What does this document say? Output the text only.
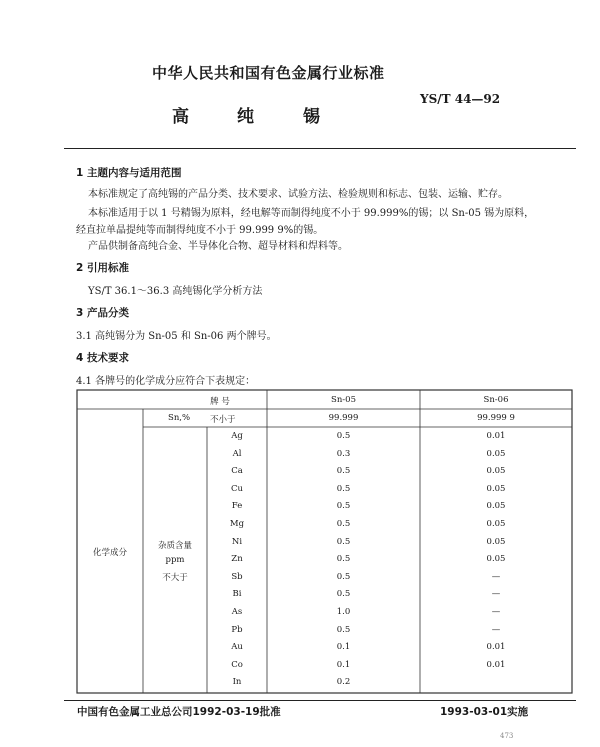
中华人民共和国有色金属行业标准
YS/T 44—92
高	纯	锡
1 主题内容与适用范围
本标准规定了高纯锡的产品分类、技术要求、试验方法、检验规则和标志、包装、运输、贮存。
本标准适用于以 1 号精锡为原料，经电解等而制得纯度不小于 99.999%的锡；以 Sn-05 锡为原料，
经直拉单晶提纯等而制得纯度不小于 99.999 9%的锡。
产品供制备高纯合金、半导体化合物、超导材料和焊料等。
2 引用标准
YS/T 36.1～36.3 高纯锡化学分析方法
3 产品分类
3.1 高纯锡分为 Sn-05 和 Sn-06 两个牌号。
4 技术要求
4.1 各牌号的化学成分应符合下表规定：
牌 号	Sn-05	Sn-06
Sn,% 不小于	99.999	99.999 9
化学成分
杂质含量
ppm
不大于
Ag	0.5	0.01
Al	0.3	0.05
Ca	0.5	0.05
Cu	0.5	0.05
Fe	0.5	0.05
Mg	0.5	0.05
Ni	0.5	0.05
Zn	0.5	0.05
Sb	0.5	—
Bi	0.5	—
As	1.0	—
Pb	0.5	—
Au	0.1	0.01
Co	0.1	0.01
In	0.2
中国有色金属工业总公司1992-03-19批准	1993-03-01实施
473
